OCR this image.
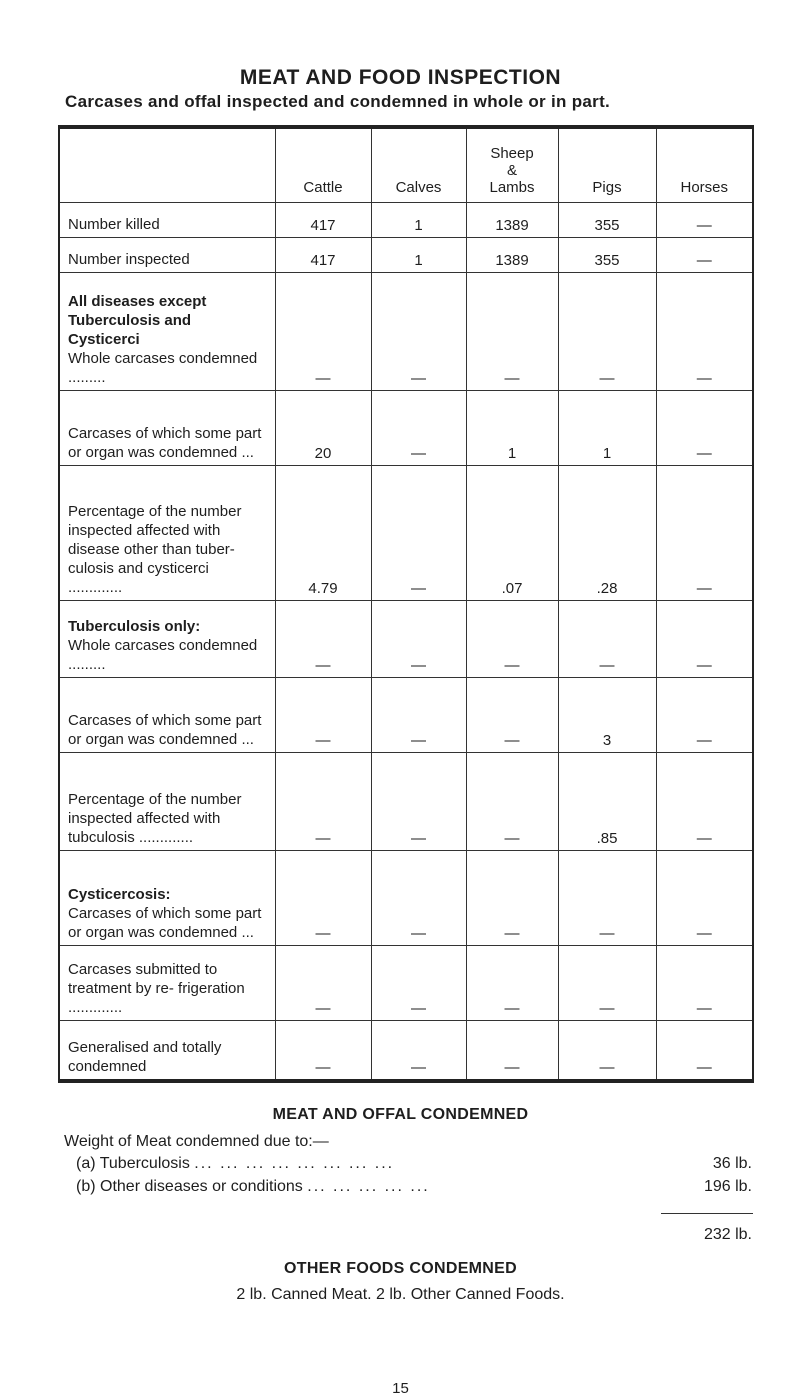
MEAT AND FOOD INSPECTION
Carcases and offal inspected and condemned in whole or in part.
	Cattle	Calves	Sheep & Lambs	Pigs	Horses
Number killed	417	1	1389	355	—
Number inspected	417	1	1389	355	—

All diseases except Tuberculosis and Cysticerci
Whole carcases condemned .........	—	—	—	—	—
Carcases of which some part or organ was condemned ...	20	—	1	1	—
Percentage of the number inspected affected with disease other than tuber- culosis and cysticerci .............	4.79	—	.07	.28	—

Tuberculosis only:
Whole carcases condemned .........	—	—	—	—	—
Carcases of which some part or organ was condemned ...	—	—	—	3	—
Percentage of the number inspected affected with tubculosis .............	—	—	—	.85	—

Cysticercosis:
Carcases of which some part or organ was condemned ...	—	—	—	—	—
Carcases submitted to treatment by re- frigeration .............	—	—	—	—	—
Generalised and totally condemned	—	—	—	—	—
MEAT AND OFFAL CONDEMNED
Weight of Meat condemned due to:—
(a) Tuberculosis ... ... ... ... ... ... ... ...	36 lb.
(b) Other diseases or conditions ... ... ... ... ...	196 lb.
232 lb.
OTHER FOODS CONDEMNED
2 lb. Canned Meat. 2 lb. Other Canned Foods.
15
